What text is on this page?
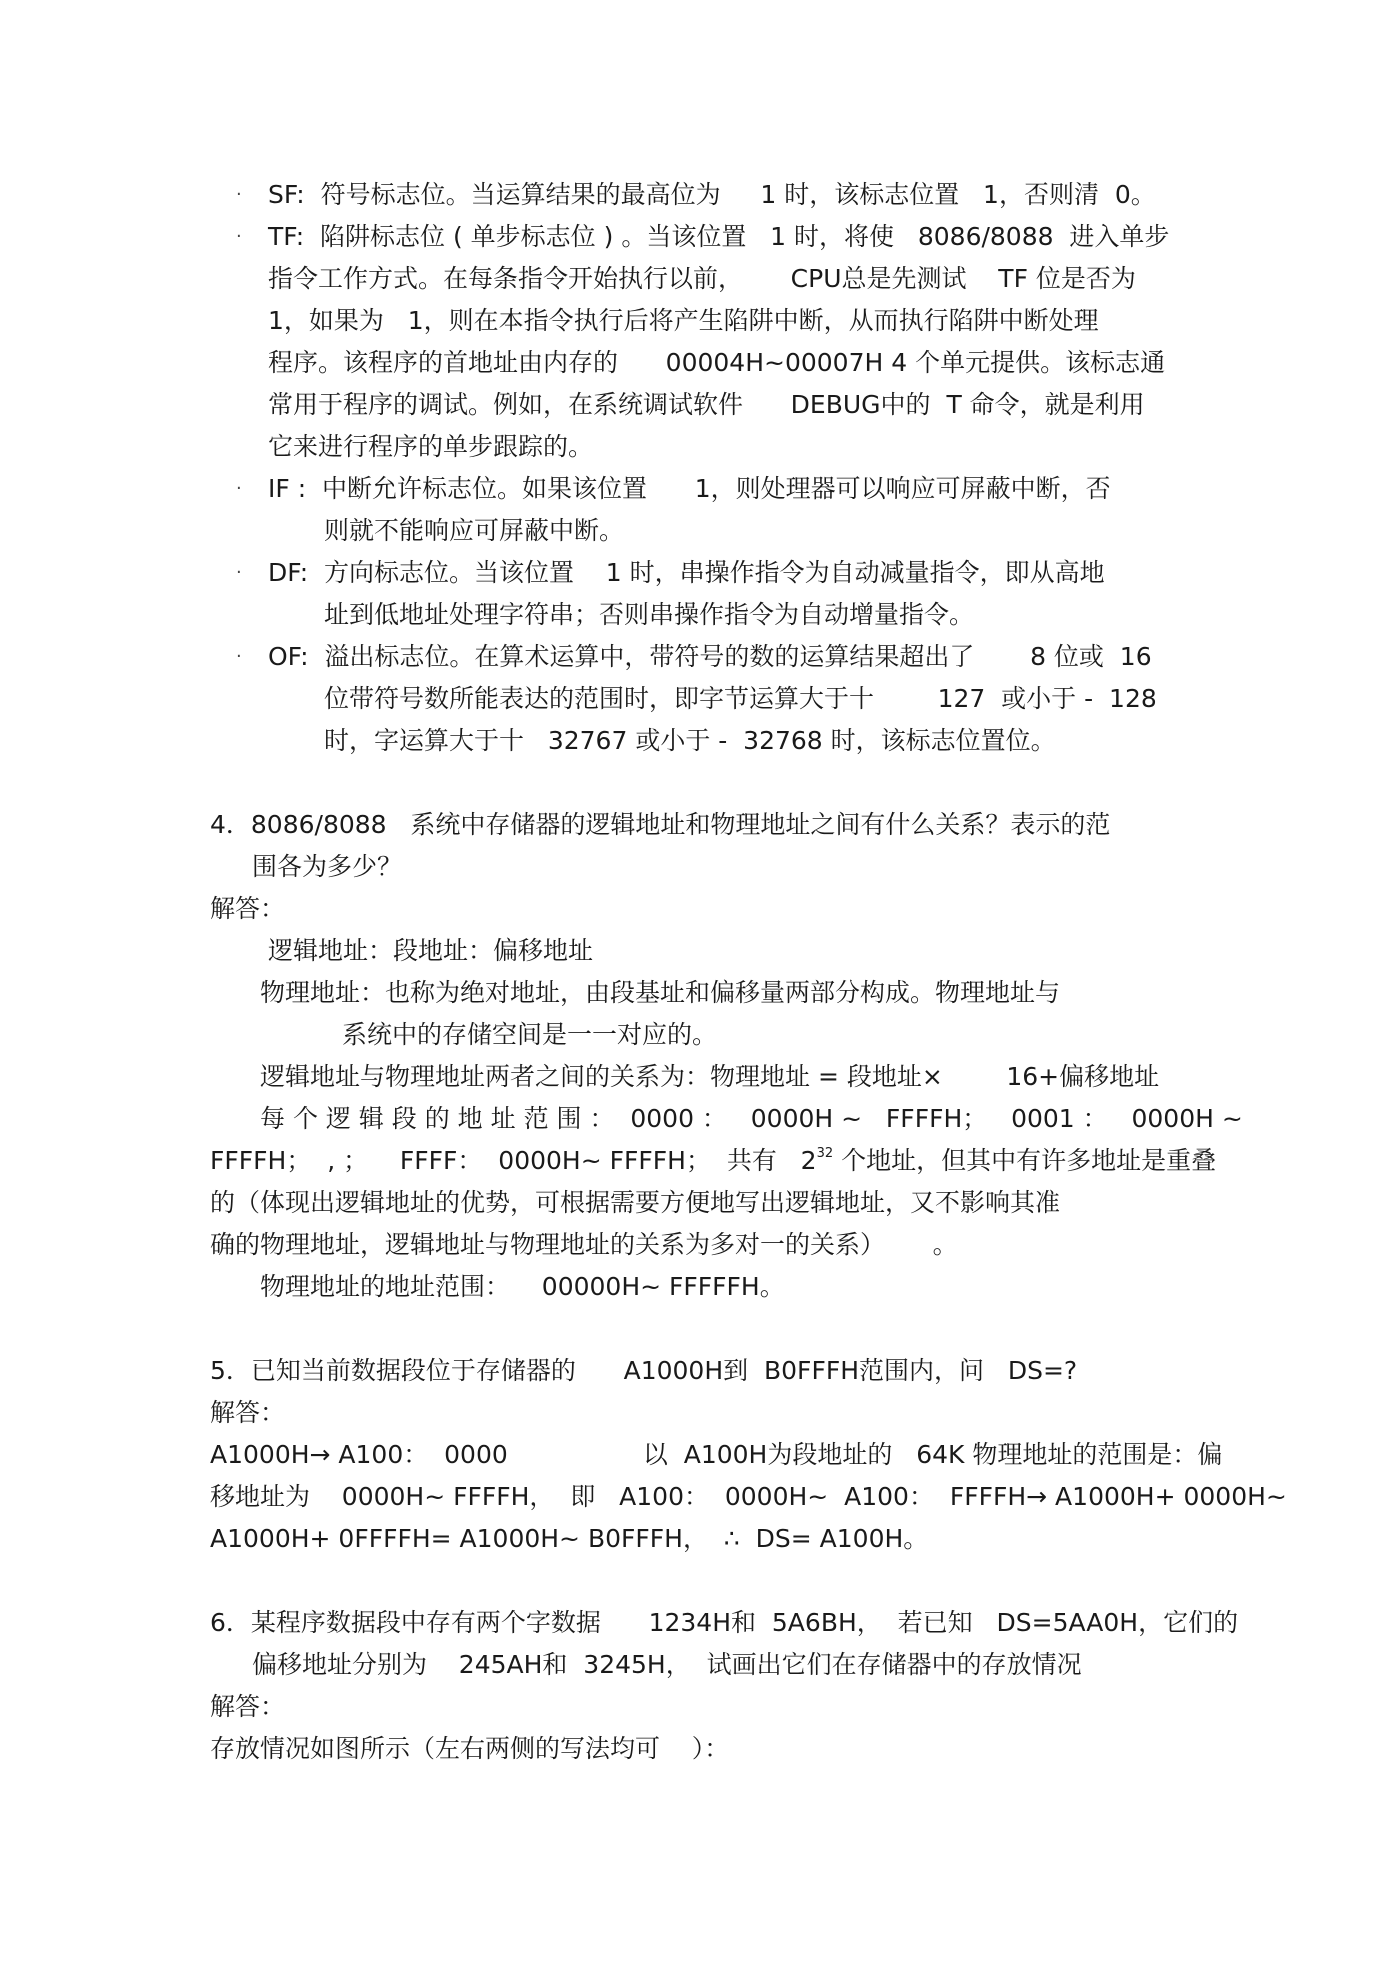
· SF:  符号标志位。当运算结果的最高位为     1 时，该标志位置   1，否则清  0。
· TF:  陷阱标志位 ( 单步标志位 ) 。当该位置   1 时，将使   8086/8088  进入单步
指令工作方式。在每条指令开始执行以前，      CPU总是先测试    TF 位是否为
1，如果为   1，则在本指令执行后将产生陷阱中断，从而执行陷阱中断处理
程序。该程序的首地址由内存的      00004H~00007H 4 个单元提供。该标志通
常用于程序的调试。例如，在系统调试软件      DEBUG中的  T 命令，就是利用
它来进行程序的单步跟踪的。
· IF :  中断允许标志位。如果该位置      1，则处理器可以响应可屏蔽中断，否
则就不能响应可屏蔽中断。
· DF:  方向标志位。当该位置    1 时，串操作指令为自动减量指令，即从高地
址到低地址处理字符串；否则串操作指令为自动增量指令。
· OF:  溢出标志位。在算术运算中，带符号的数的运算结果超出了       8 位或  16
位带符号数所能表达的范围时，即字节运算大于十        127  或小于 -  128
时，字运算大于十   32767 或小于 -  32768 时，该标志位置位。
4．8086/8088   系统中存储器的逻辑地址和物理地址之间有什么关系？表示的范
围各为多少？
解答：
逻辑地址：段地址：偏移地址
物理地址：也称为绝对地址，由段基址和偏移量两部分构成。物理地址与
系统中的存储空间是一一对应的。
逻辑地址与物理地址两者之间的关系为：物理地址 = 段地址×        16+偏移地址
每 个 逻 辑 段 的 地 址 范 围 ：  0000 ：   0000H ~   FFFFH；   0001 ：   0000H ~
FFFFH；  , ；    FFFF：  0000H~ FFFFH；  共有   $2^{32}$ 个地址，但其中有许多地址是重叠
的（体现出逻辑地址的优势，可根据需要方便地写出逻辑地址，又不影响其准
确的物理地址，逻辑地址与物理地址的关系为多对一的关系）      。
物理地址的地址范围：    00000H~ FFFFFH。
5．已知当前数据段位于存储器的      A1000H到  B0FFFH范围内，问   DS=?
解答：
A1000H→ A100：  0000                 以  A100H为段地址的   64K 物理地址的范围是：偏
移地址为    0000H~ FFFFH，  即   A100：  0000H~  A100：  FFFFH→ A1000H+ 0000H~
A1000H+ 0FFFFH= A1000H~ B0FFFH，  ∴  DS= A100H。
6．某程序数据段中存有两个字数据      1234H和  5A6BH，  若已知   DS=5AA0H，它们的
偏移地址分别为    245AH和  3245H，  试画出它们在存储器中的存放情况
解答：
存放情况如图所示（左右两侧的写法均可    ）：
